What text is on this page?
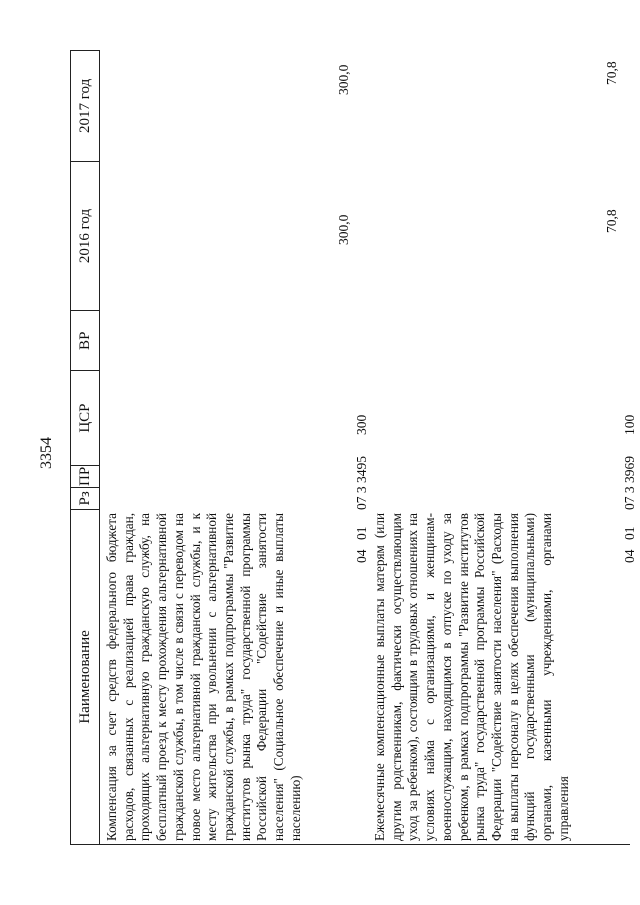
3354
Наименование
Рз
ПР
ЦСР
ВР
2016 год
2017 год
Компенсация за счет средств федерального бюджета расходов, связанных с реализацией права граждан, проходящих альтернативную гражданскую службу, на бесплатный проезд к месту прохождения альтернативной гражданской службы, в том числе в связи с переводом на новое место альтернативной гражданской службы, и к месту жительства при увольнении с альтернативной гражданской службы, в рамках подпрограммы "Развитие институтов рынка труда" государственной программы Российской Федерации "Содействие занятости населения" (Социальное обеспечение и иные выплаты населению)
04
01
07 3 3495
300
300,0
300,0
Ежемесячные компенсационные выплаты матерям (или другим родственникам, фактически осуществляющим уход за ребенком), состоящим в трудовых отношениях на условиях найма с организациями, и женщинам-военнослужащим, находящимся в отпуске по уходу за ребенком, в рамках подпрограммы "Развитие институтов рынка труда" государственной программы Российской Федерации "Содействие занятости населения" (Расходы на выплаты персоналу в целях обеспечения выполнения функций государственными (муниципальными) органами, казенными учреждениями, органами управления
04
01
07 3 3969
100
70,8
70,8
